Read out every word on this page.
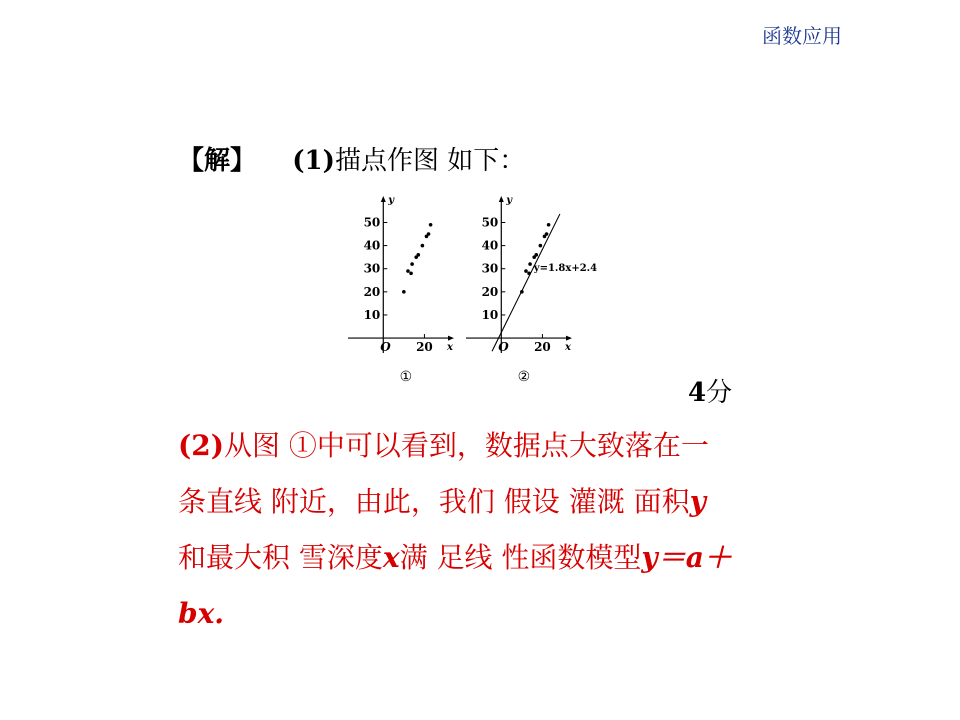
函数应用
【解】 (1)描点作图 如下：
y
x
O
10
20
30
40
50
20
①
y
x
O
10
20
30
40
50
20
y=1.8x+2.4
②
4分
(2)从图 ①中可以看到，数据点大致落在一
条直线 附近，由此，我们 假设 灌溉 面积y
和最大积 雪深度x满 足线 性函数模型y＝a＋
bx.
